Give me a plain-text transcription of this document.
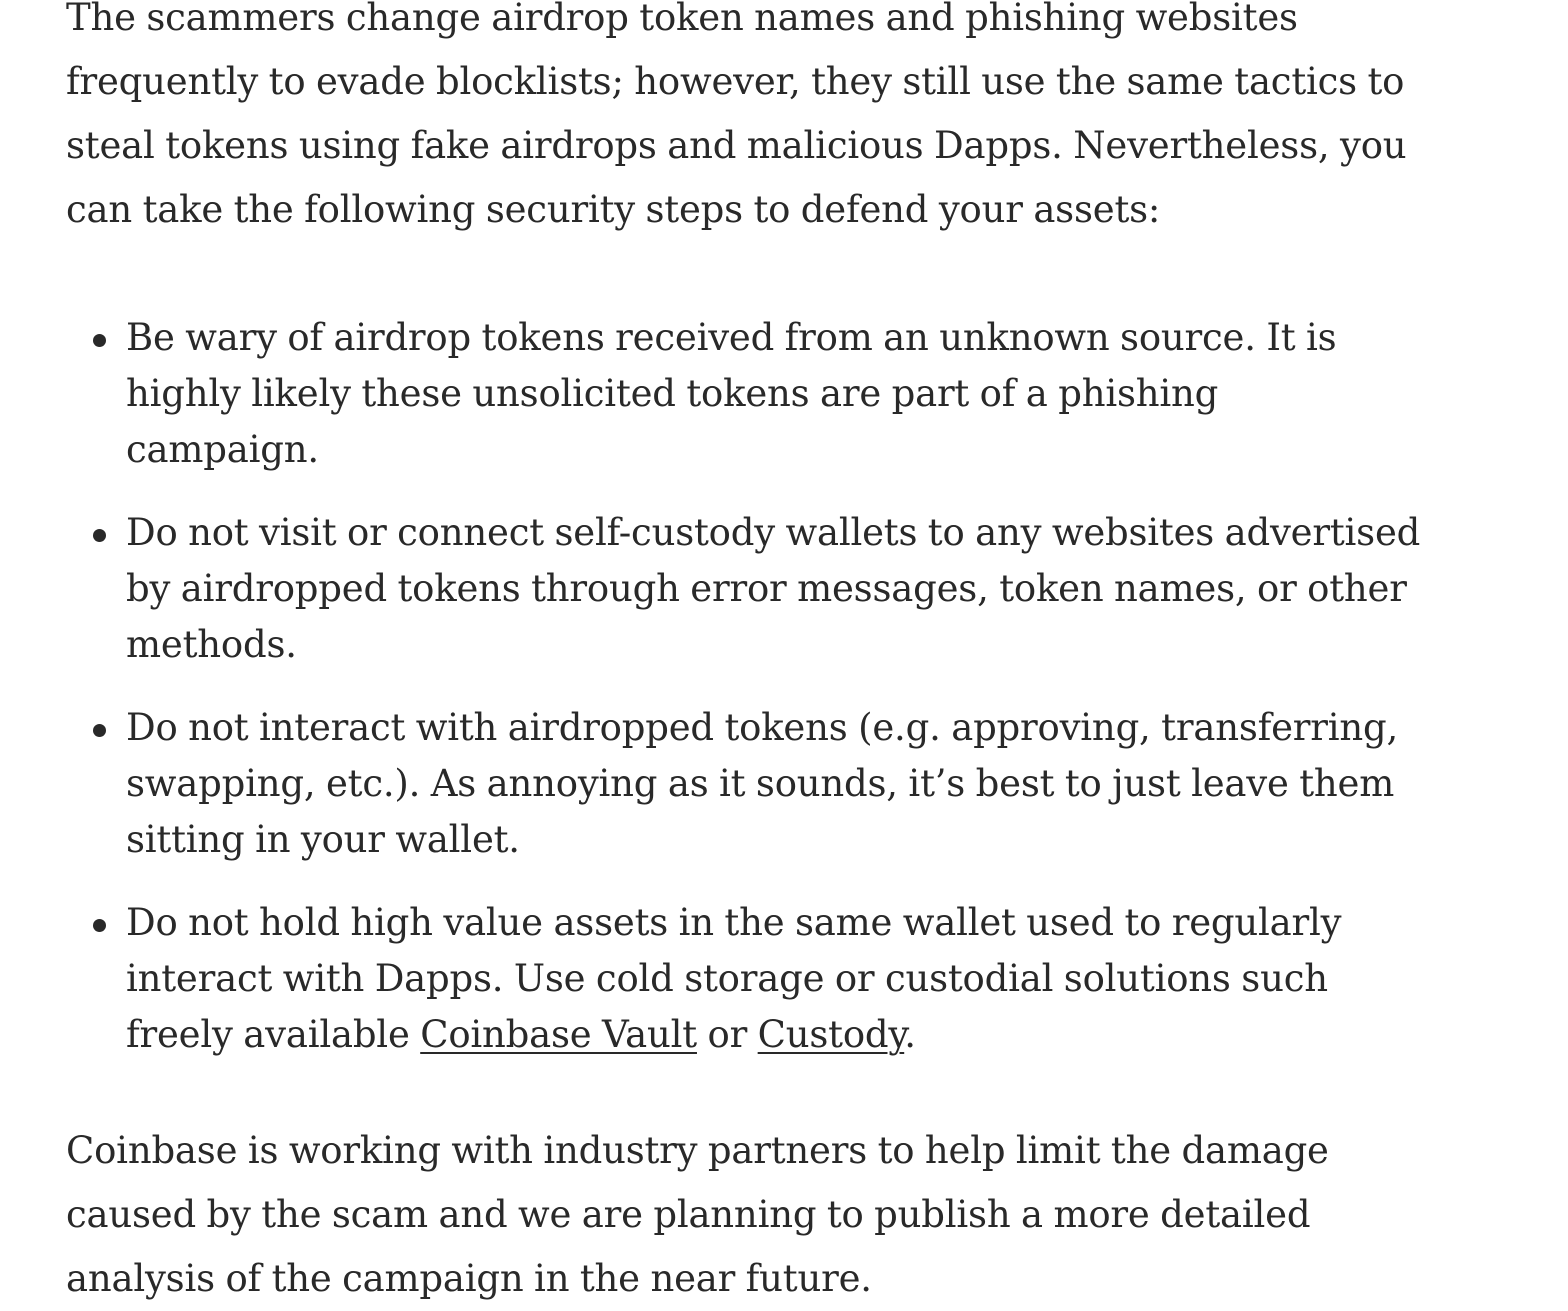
The scammers change airdrop token names and phishing websites frequently to evade blocklists; however, they still use the same tactics to steal tokens using fake airdrops and malicious Dapps. Nevertheless, you can take the following security steps to defend your assets:

Be wary of airdrop tokens received from an unknown source. It is highly likely these unsolicited tokens are part of a phishing campaign.
Do not visit or connect self-custody wallets to any websites advertised by airdropped tokens through error messages, token names, or other methods.
Do not interact with airdropped tokens (e.g. approving, transferring, swapping, etc.). As annoying as it sounds, it’s best to just leave them sitting in your wallet.
Do not hold high value assets in the same wallet used to regularly interact with Dapps. Use cold storage or custodial solutions such freely available Coinbase Vault or Custody.

Coinbase is working with industry partners to help limit the damage caused by the scam and we are planning to publish a more detailed analysis of the campaign in the near future.
